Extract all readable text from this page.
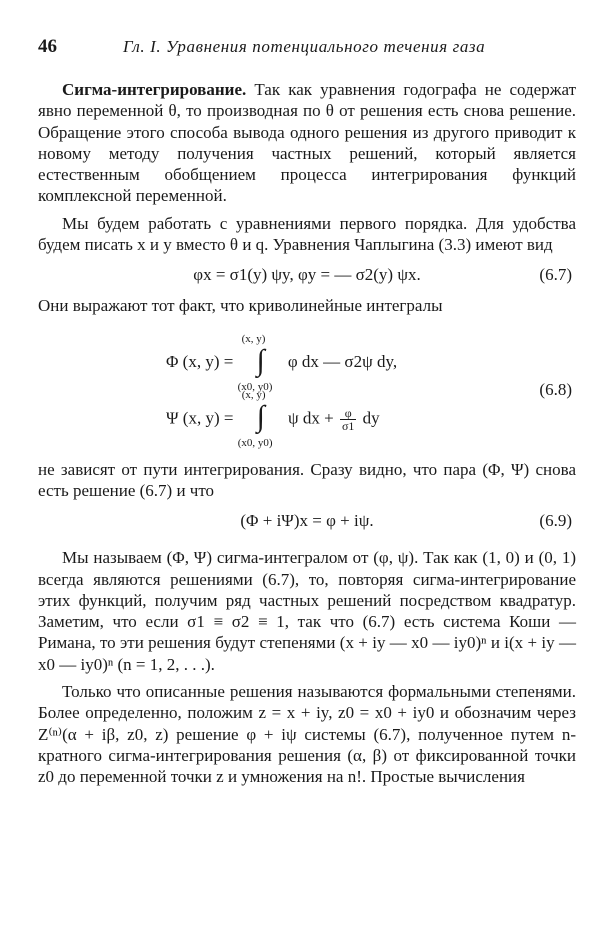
46	Гл. I. Уравнения потенциального течения газа

Сигма-интегрирование. Так как уравнения годографа не содержат явно переменной θ, то производная по θ от решения есть снова решение. Обращение этого способа вывода одного решения из другого приводит к новому методу получения частных решений, который является естественным обобщением процесса интегрирования функций комплексной переменной.

Мы будем работать с уравнениями первого порядка. Для удобства будем писать x и y вместо θ и q. Уравнения Чаплыгина (3.3) имеют вид

φx = σ1(y) ψy, φy = — σ2(y) ψx.	(6.7)

Они выражают тот факт, что криволинейные интегралы

Φ (x, y) =
(x, y)
∫
(x0, y0)
φ dx — σ2ψ dy,
Ψ (x, y) =
(x, y)
∫
(x0, y0)
ψ dx + $\frac{\varphi}{\sigma 1}$ dy
(6.8)

не зависят от пути интегрирования. Сразу видно, что пара (Φ, Ψ) снова есть решение (6.7) и что

(Φ + iΨ)x = φ + iψ.	(6.9)

Мы называем (Φ, Ψ) сигма-интегралом от (φ, ψ). Так как (1, 0) и (0, 1) всегда являются решениями (6.7), то, повторяя сигма-интегрирование этих функций, получим ряд частных решений посредством квадратур. Заметим, что если σ1 ≡ σ2 ≡ 1, так что (6.7) есть система Коши — Римана, то эти решения будут степенями (x + iy — x0 — iy0)ⁿ и i(x + iy — x0 — iy0)ⁿ (n = 1, 2, . . .).

Только что описанные решения называются формальными степенями. Более определенно, положим z = x + iy, z0 = x0 + iy0 и обозначим через Z⁽ⁿ⁾(α + iβ, z0, z) решение φ + iψ системы (6.7), полученное путем n-кратного сигма-интегрирования решения (α, β) от фиксированной точки z0 до переменной точки z и умножения на n!. Простые вычисления
